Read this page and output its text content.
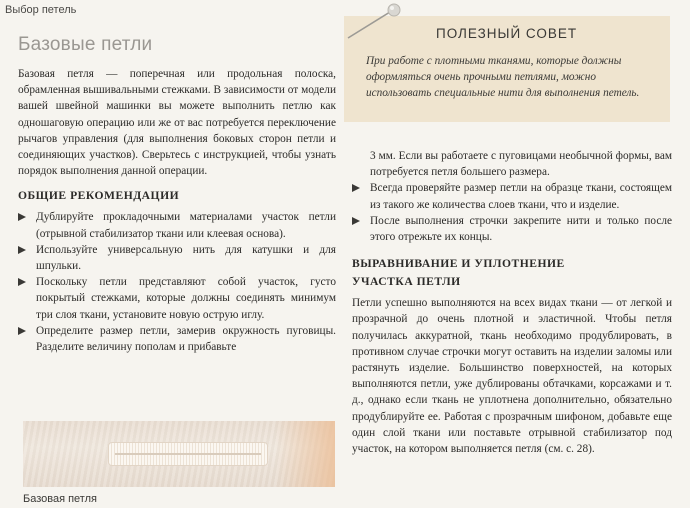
Выбор петель
Базовые петли

Базовая петля — поперечная или продольная полоска, обрамленная вышивальными стежками. В зависимости от модели вашей швейной машинки вы можете выполнить петлю как одношаговую операцию или же от вас потребуется переключение рычагов управления (для выполнения боковых сторон петли и соединяющих участков). Сверьтесь с инструкцией, чтобы узнать порядок выполнения данной операции.

ОБЩИЕ РЕКОМЕНДАЦИИ
Дублируйте прокладочными материалами участок петли (отрывной стабилизатор ткани или клеевая основа).
Используйте универсальную нить для катушки и для шпульки.
Поскольку петли представляют собой участок, густо покрытый стежками, которые должны соединять минимум три слоя ткани, установите новую острую иглу.
Определите размер петли, замерив окружность пуговицы. Разделите величину пополам и прибавьте
Базовая петля
ПОЛЕЗНЫЙ СОВЕТ
При работе с плотными тканями, которые должны оформляться очень прочными петлями, можно использовать специальные нити для выполнения петель.

3 мм. Если вы работаете с пуговицами необычной формы, вам потребуется петля большего размера.

Всегда проверяйте размер петли на образце ткани, состоящем из такого же количества слоев ткани, что и изделие.
После выполнения строчки закрепите нити и только после этого отрежьте их концы.
ВЫРАВНИВАНИЕ И УПЛОТНЕНИЕ
УЧАСТКА ПЕТЛИ

Петли успешно выполняются на всех видах ткани — от легкой и прозрачной до очень плотной и эластичной. Чтобы петля получилась аккуратной, ткань необходимо продублировать, в противном случае строчки могут оставить на изделии заломы или растянуть изделие. Большинство поверхностей, на которых выполняются петли, уже дублированы обтачками, корсажами и т. д., однако если ткань не уплотнена дополнительно, обязательно продублируйте ее. Работая с прозрачным шифоном, добавьте еще один слой ткани или поставьте отрывной стабилизатор под участок, на котором выполняется петля (см. с. 28).
